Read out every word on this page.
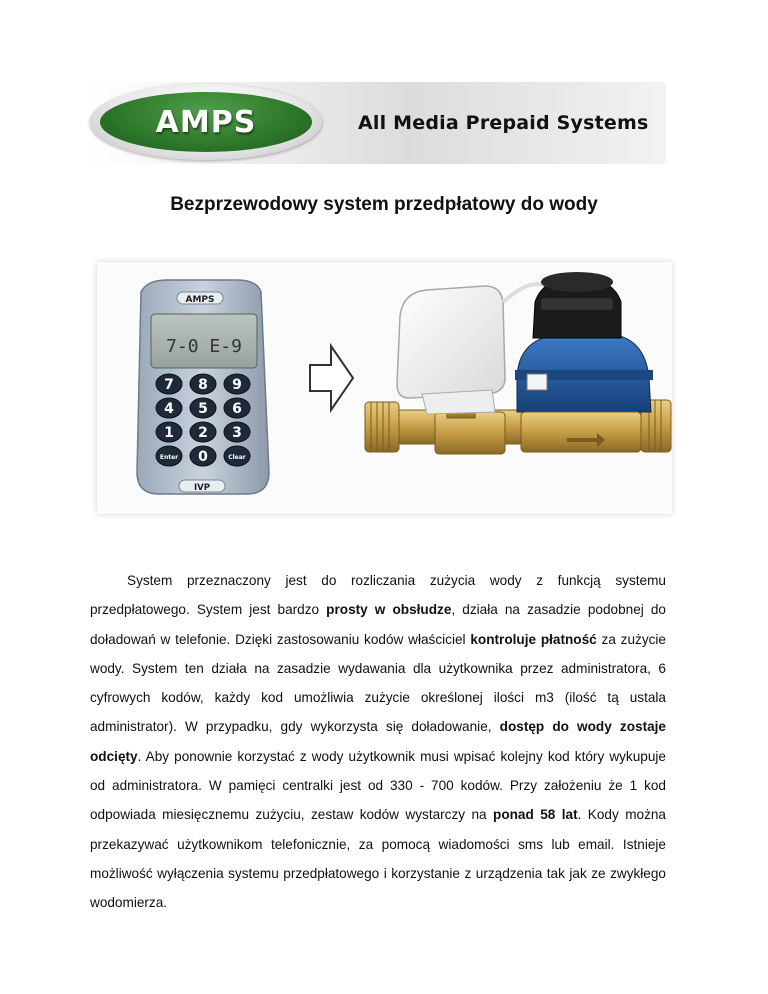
AMPS	All Media Prepaid Systems
Bezprzewodowy system przedpłatowy do wody
AMPS
7-0 E-9
7 8 9
4 5 6
1 2 3
Enter 0	Clear
IVP

System przeznaczony jest do rozliczania zużycia wody z funkcją systemu przedpłatowego. System jest bardzo prosty w obsłudze, działa na zasadzie podobnej do doładowań w telefonie. Dzięki zastosowaniu kodów właściciel kontroluje płatność za zużycie wody. System ten działa na zasadzie wydawania dla użytkownika przez administratora, 6 cyfrowych kodów, każdy kod umożliwia zużycie określonej ilości m3 (ilość tą ustala administrator). W przypadku, gdy wykorzysta się doładowanie, dostęp do wody zostaje odcięty. Aby ponownie korzystać z wody użytkownik musi wpisać kolejny kod który wykupuje od administratora. W pamięci centralki jest od 330 - 700 kodów. Przy założeniu że 1 kod odpowiada miesięcznemu zużyciu, zestaw kodów wystarczy na ponad 58 lat. Kody można przekazywać użytkownikom telefonicznie, za pomocą wiadomości sms lub email. Istnieje możliwość wyłączenia systemu przedpłatowego i korzystanie z urządzenia tak jak ze zwykłego wodomierza.
